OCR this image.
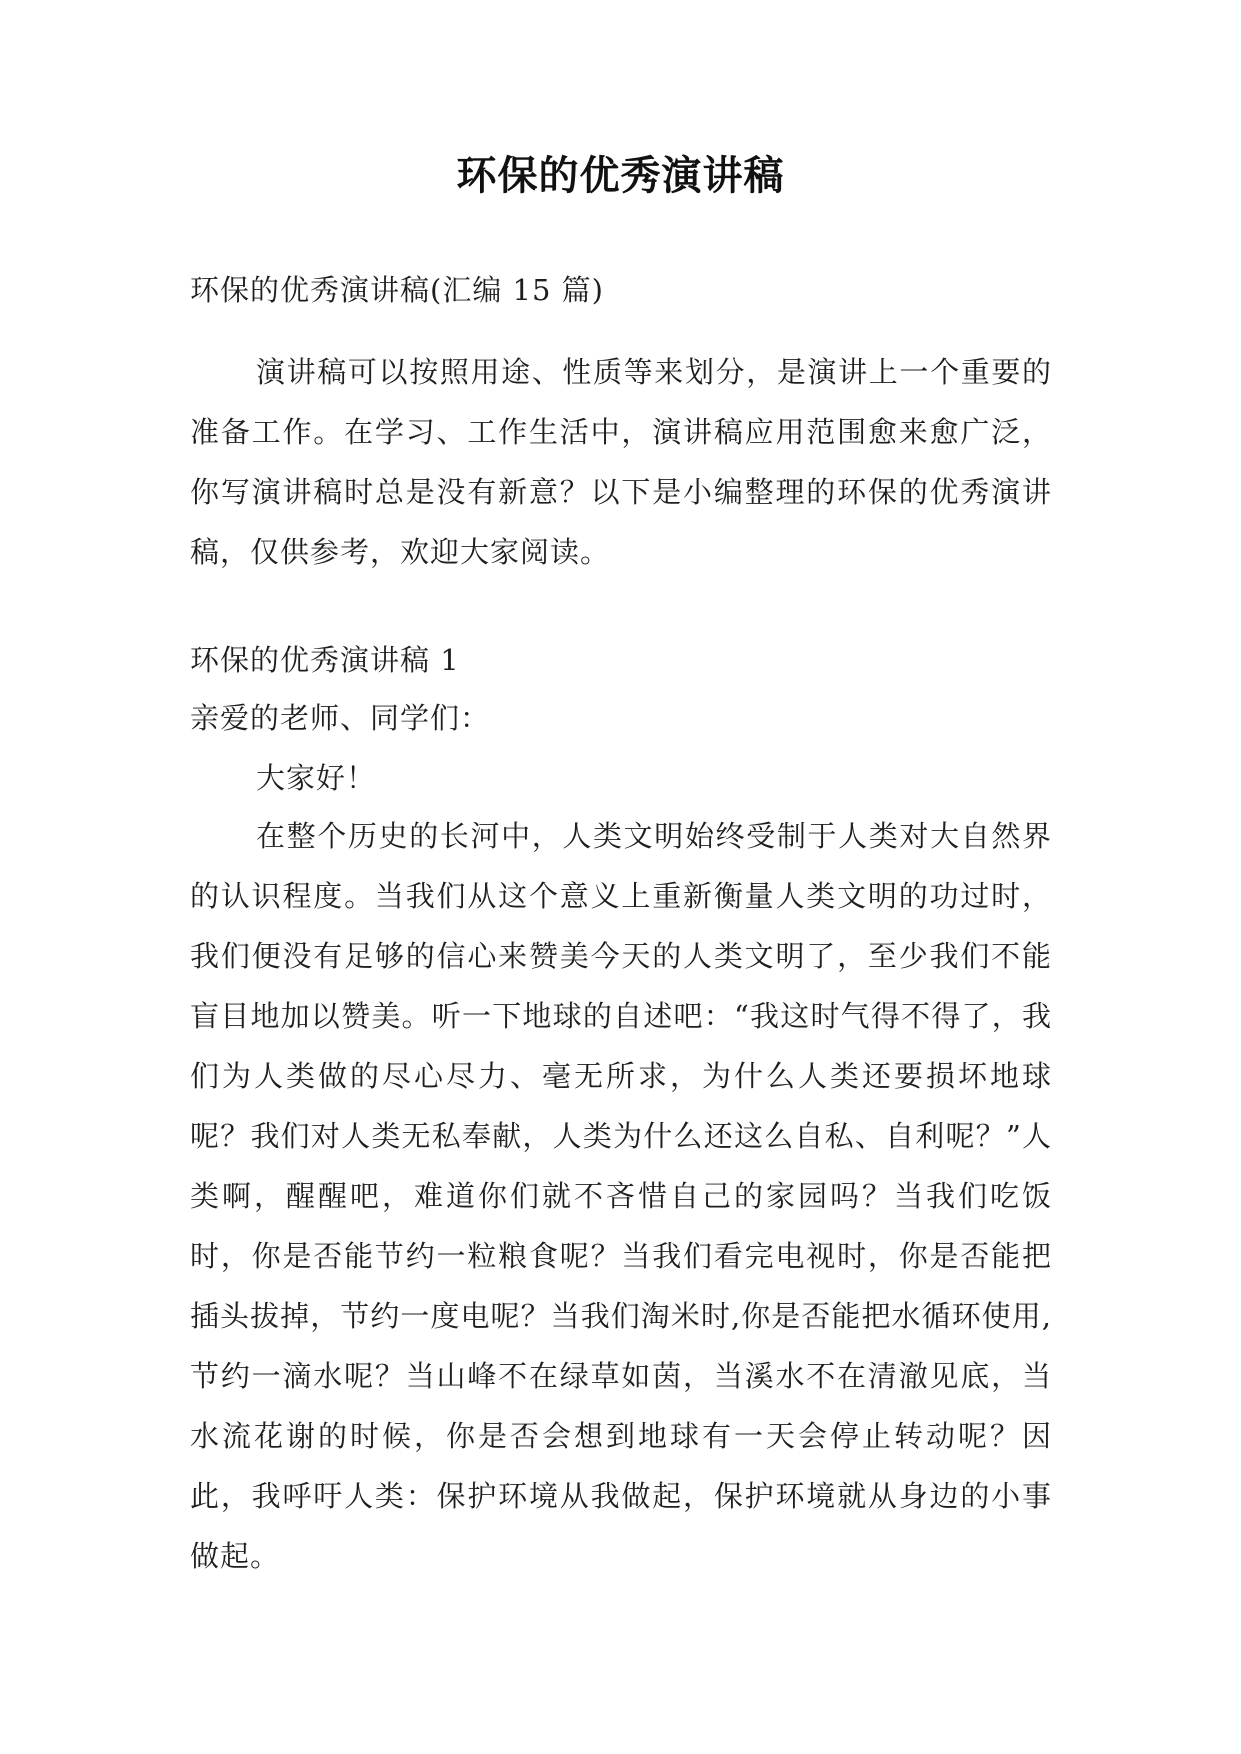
环保的优秀演讲稿
环保的优秀演讲稿(汇编 15 篇)
演讲稿可以按照用途、性质等来划分，是演讲上一个重要的准备工作。在学习、工作生活中，演讲稿应用范围愈来愈广泛，你写演讲稿时总是没有新意？以下是小编整理的环保的优秀演讲稿，仅供参考，欢迎大家阅读。
环保的优秀演讲稿 1
亲爱的老师、同学们：
大家好！
在整个历史的长河中，人类文明始终受制于人类对大自然界的认识程度。当我们从这个意义上重新衡量人类文明的功过时，我们便没有足够的信心来赞美今天的人类文明了，至少我们不能盲目地加以赞美。听一下地球的自述吧：“我这时气得不得了，我们为人类做的尽心尽力、毫无所求，为什么人类还要损坏地球呢？我们对人类无私奉献，人类为什么还这么自私、自利呢？”人类啊，醒醒吧，难道你们就不吝惜自己的家园吗？当我们吃饭时，你是否能节约一粒粮食呢？当我们看完电视时，你是否能把插头拔掉，节约一度电呢？当我们淘米时,你是否能把水循环使用,节约一滴水呢？当山峰不在绿草如茵，当溪水不在清澈见底，当水流花谢的时候，你是否会想到地球有一天会停止转动呢？因此，我呼吁人类：保护环境从我做起，保护环境就从身边的小事做起。
